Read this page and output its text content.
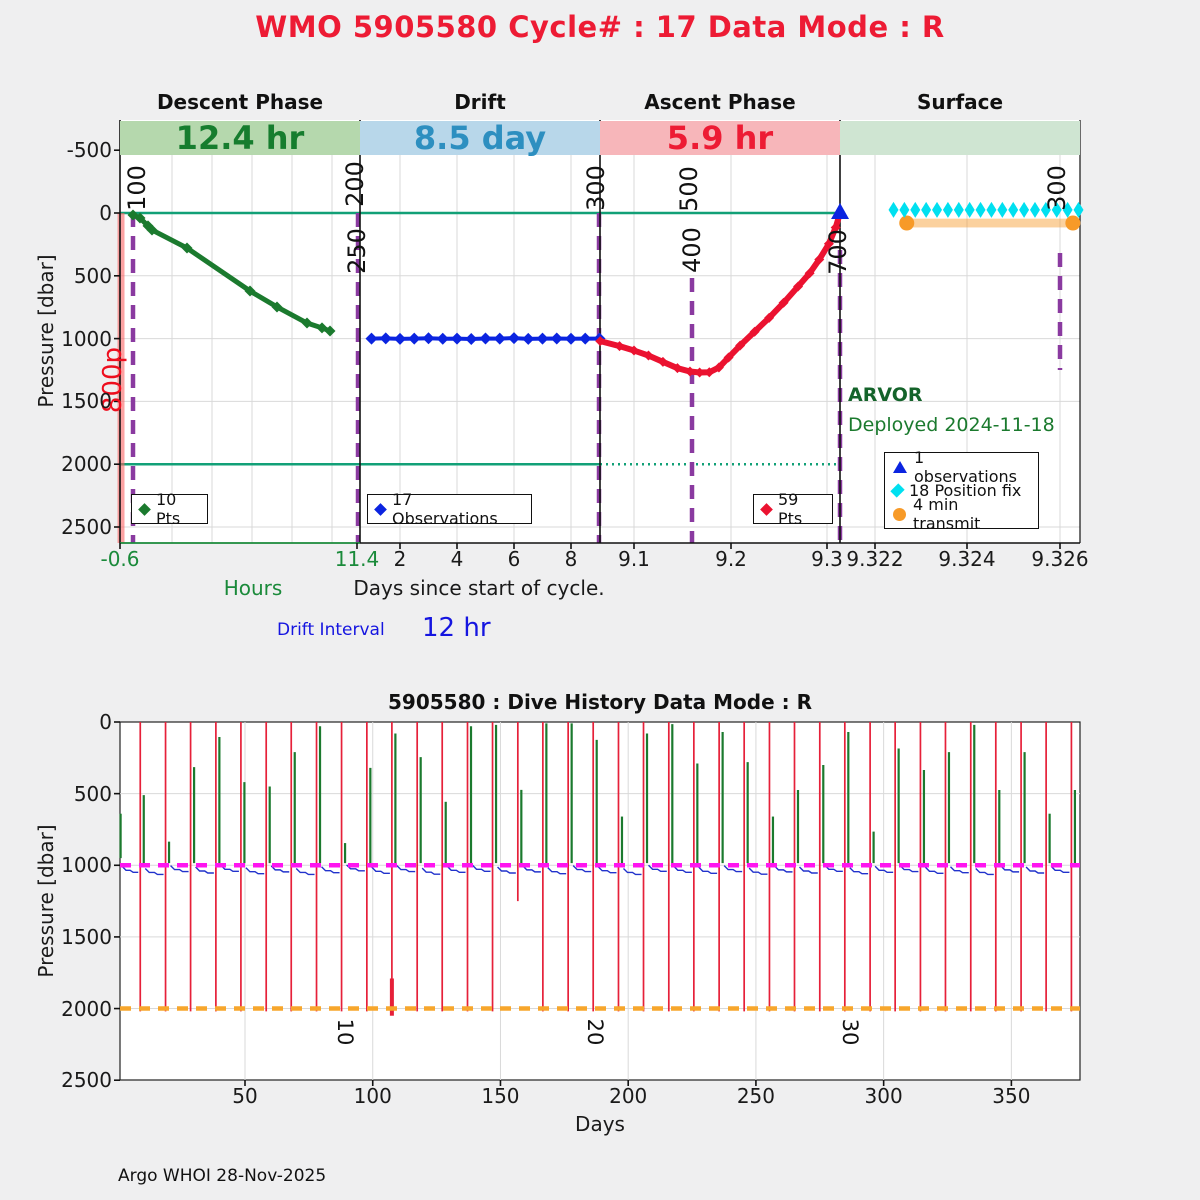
WMO 5905580 Cycle# : 17 Data Mode : R
Descent Phase	Drift	Ascent Phase	Surface
12.4 hr	8.5 day	5.9 hr
Pressure [dbar]
Hours	Days since start of cycle.
Drift Interval 12 hr
800p	ARVOR
Deployed 2024-11-18
10 Pts
17 Observations
59 Pts
1 observations
18 Position fix
4 min transmit
5905580 : Dive History Data Mode : R
Pressure [dbar]
Days
Argo WHOI 28-Nov-2025
-500
0
500
1000
1500
2000
2500
-0.6	11.4 2 4 6 8 9.1	9.2	9.3 9.322 9.324 9.326
100	200
250
300	500
400	700
300
0
500
1000
1500
2000
2500
50	100	150	200	250	300	350
10	20	30
